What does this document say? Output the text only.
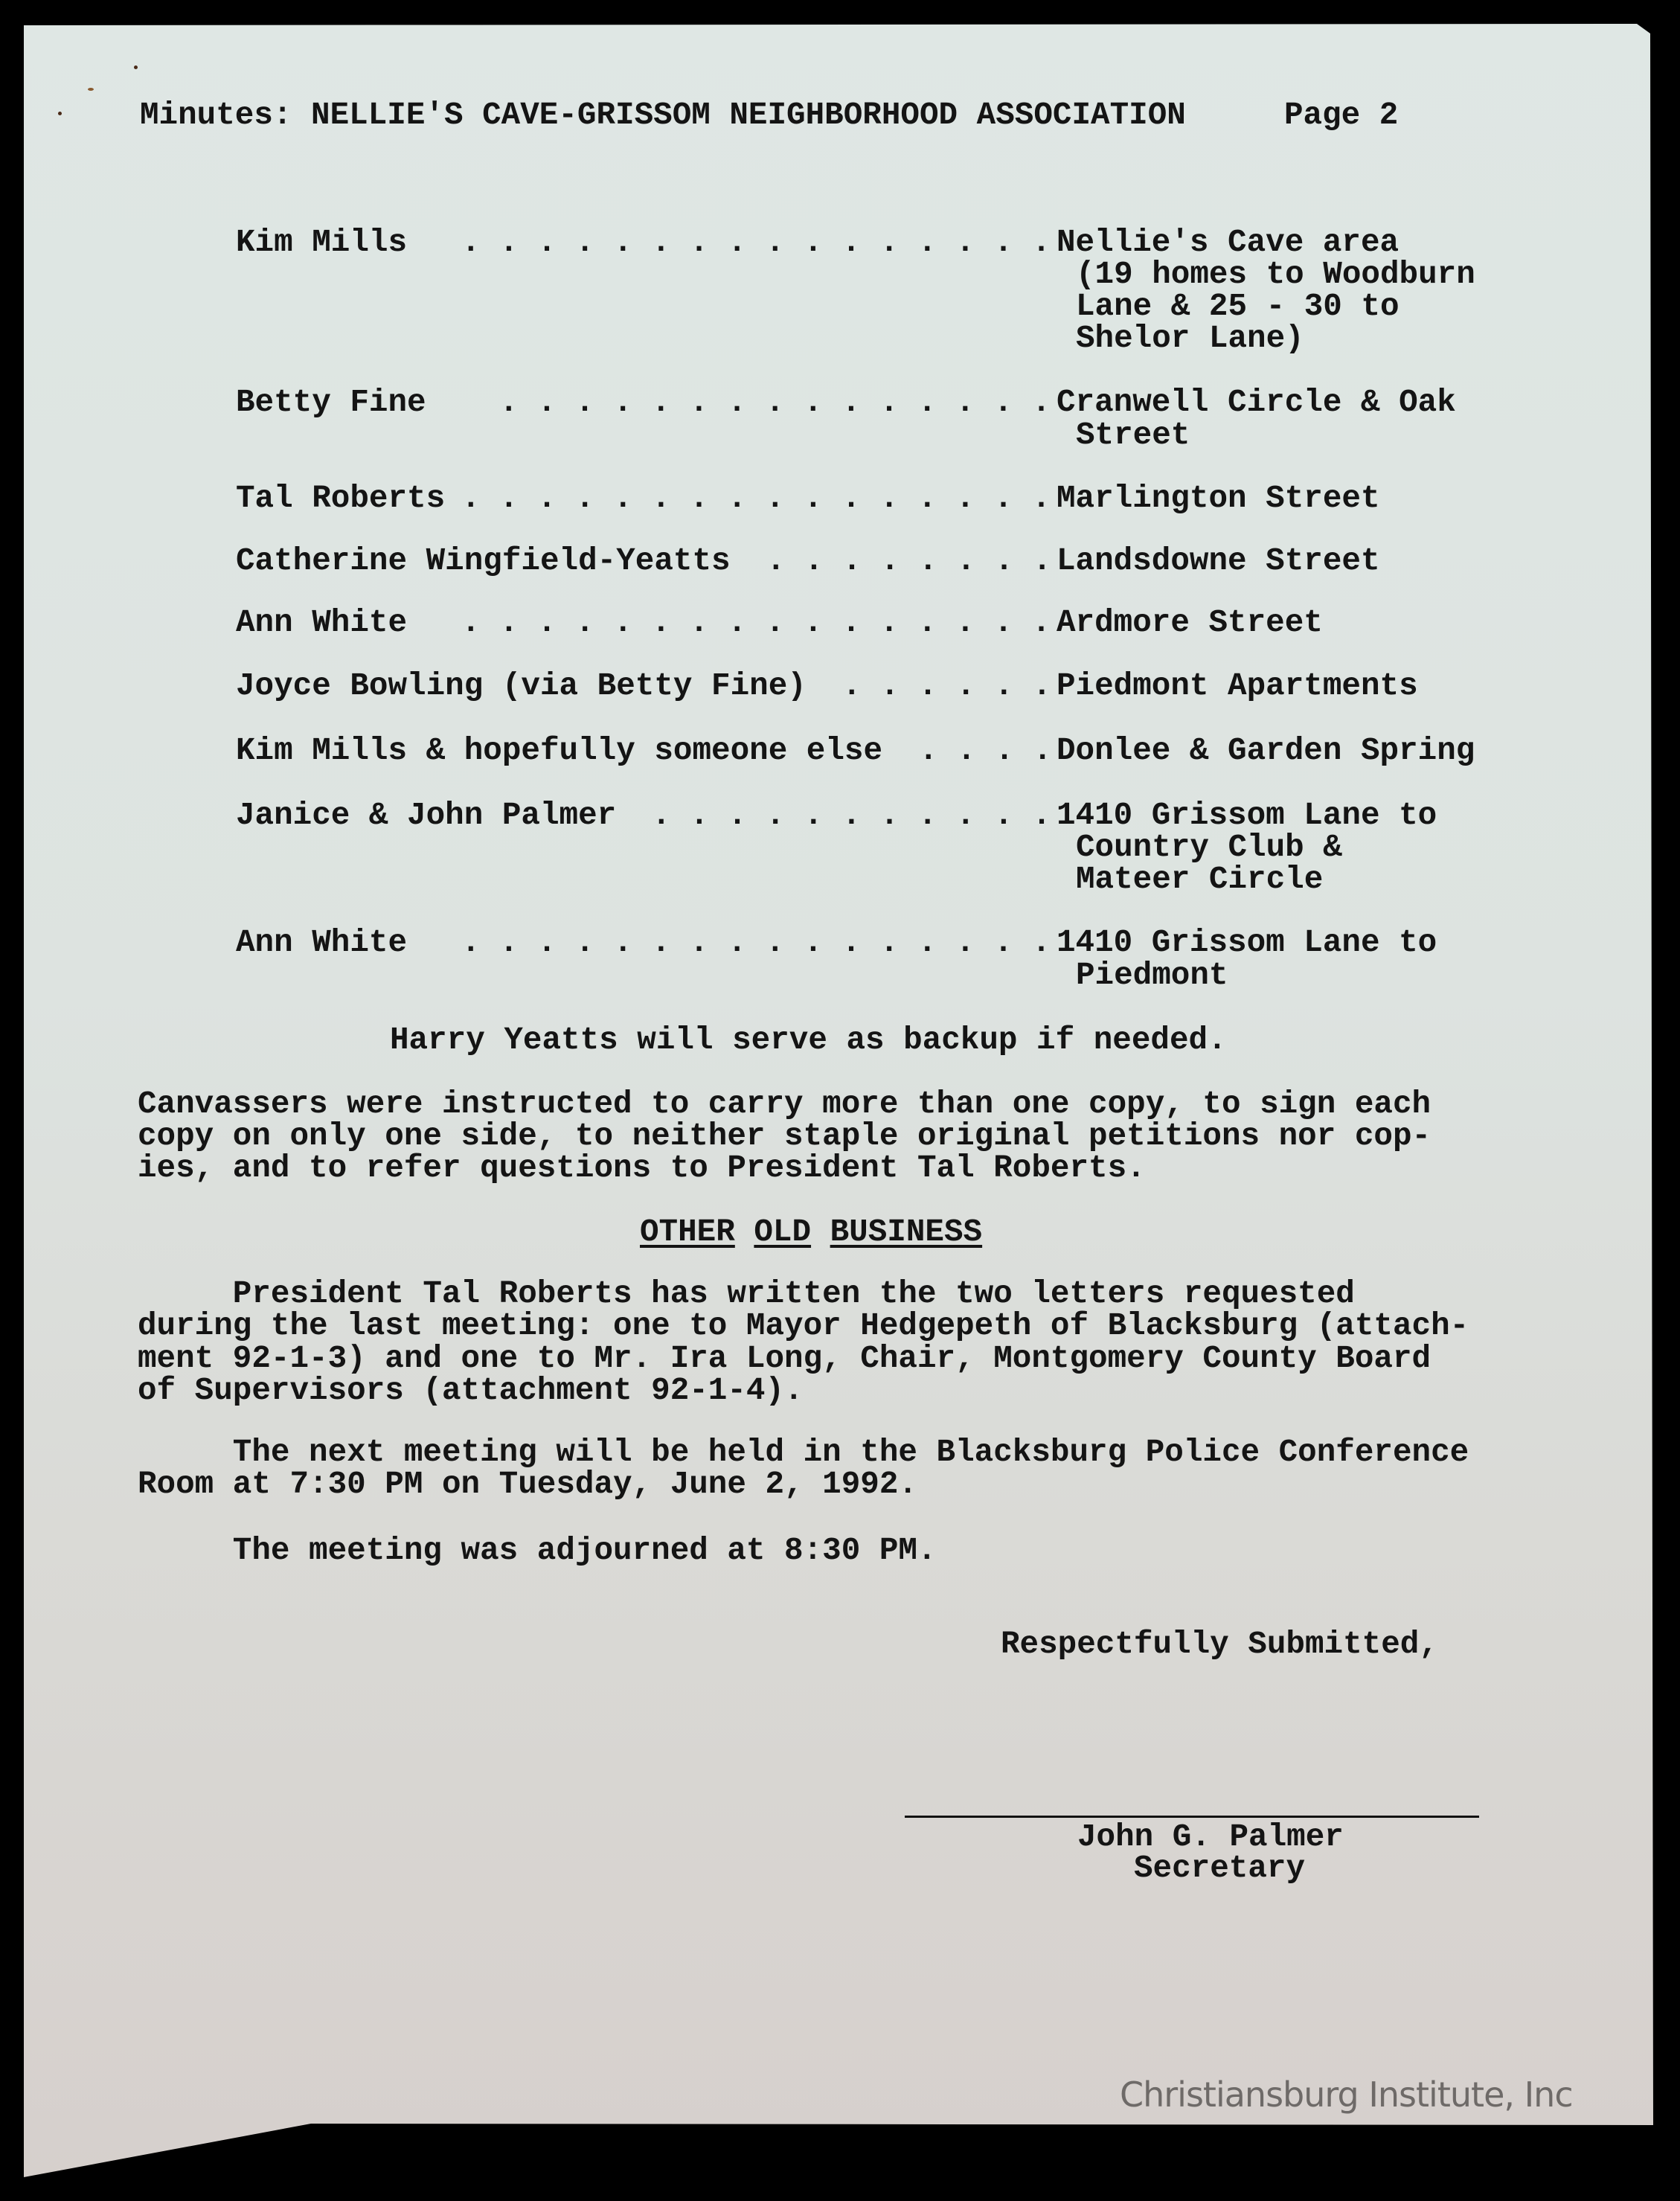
Minutes: NELLIE'S CAVE-GRISSOM NEIGHBORHOOD ASSOCIATION	Page 2
Kim Mills . . . . . . . . . . . . . . . . Nellie's Cave area
(19 homes to Woodburn
Lane & 25 - 30 to
Shelor Lane)
Betty Fine . . . . . . . . . . . . . . . Cranwell Circle & Oak
Street
Tal Roberts . . . . . . . . . . . . . . . . Marlington Street
Catherine Wingfield-Yeatts . . . . . . . . Landsdowne Street
Ann White . . . . . . . . . . . . . . . . Ardmore Street
Joyce Bowling (via Betty Fine) . . . . . . Piedmont Apartments
Kim Mills & hopefully someone else . . . . Donlee & Garden Spring
Janice & John Palmer . . . . . . . . . . . 1410 Grissom Lane to
Country Club &
Mateer Circle
Ann White . . . . . . . . . . . . . . . . 1410 Grissom Lane to
Piedmont
Harry Yeatts will serve as backup if needed.
Canvassers were instructed to carry more than one copy, to sign each
copy on only one side, to neither staple original petitions nor cop-
ies, and to refer questions to President Tal Roberts.
OTHER OLD BUSINESS
President Tal Roberts has written the two letters requested
during the last meeting: one to Mayor Hedgepeth of Blacksburg (attach-
ment 92-1-3) and one to Mr. Ira Long, Chair, Montgomery County Board
of Supervisors (attachment 92-1-4).
The next meeting will be held in the Blacksburg Police Conference
Room at 7:30 PM on Tuesday, June 2, 1992.
The meeting was adjourned at 8:30 PM.
Respectfully Submitted,
John G. Palmer
Secretary
Christiansburg Institute, Inc
